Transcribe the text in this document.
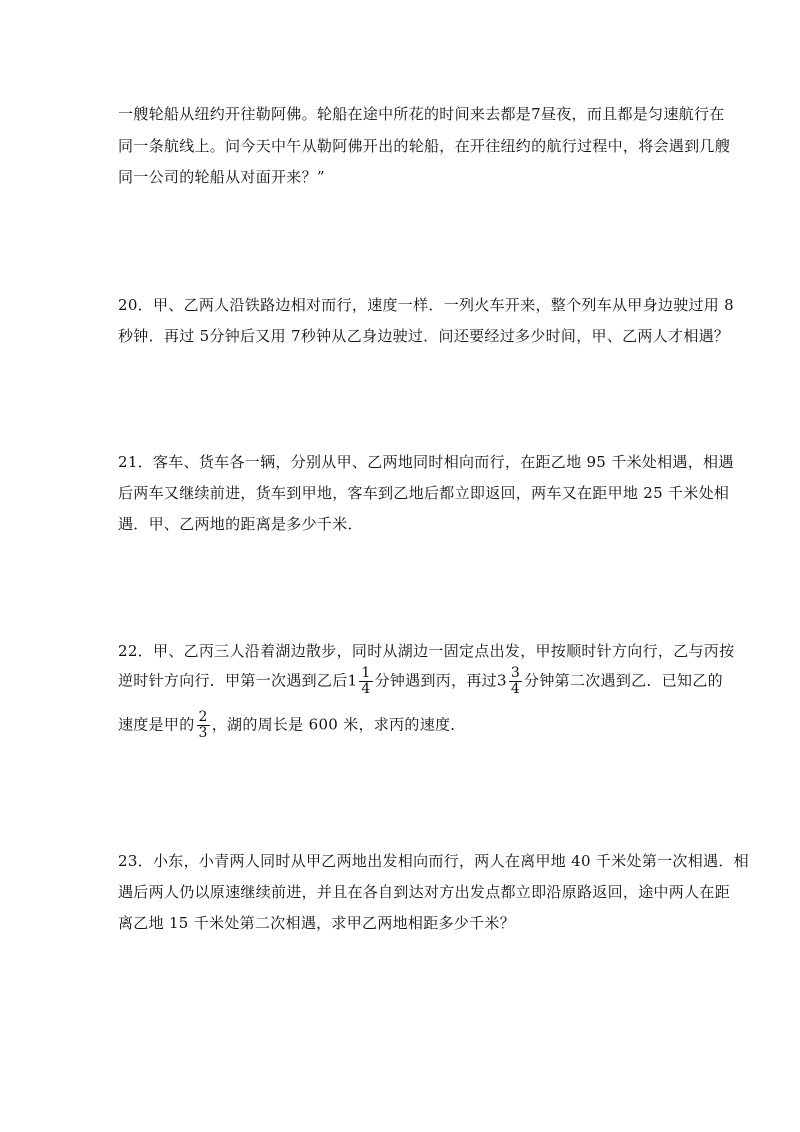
一艘轮船从纽约开往勒阿佛。轮船在途中所花的时间来去都是7昼夜，而且都是匀速航行在
同一条航线上。问今天中午从勒阿佛开出的轮船，在开往纽约的航行过程中，将会遇到几艘
同一公司的轮船从对面开来？”
20．甲、乙两人沿铁路边相对而行，速度一样．一列火车开来，整个列车从甲身边驶过用 8
秒钟．再过 5分钟后又用 7秒钟从乙身边驶过．问还要经过多少时间，甲、乙两人才相遇？
21．客车、货车各一辆，分别从甲、乙两地同时相向而行，在距乙地 95 千米处相遇，相遇
后两车又继续前进，货车到甲地，客车到乙地后都立即返回，两车又在距甲地 25 千米处相
遇．甲、乙两地的距离是多少千米．
22．甲、乙丙三人沿着湖边散步，同时从湖边一固定点出发，甲按顺时针方向行，乙与丙按
逆时针方向行．甲第一次遇到乙后$1 \frac{1}{4}$ 分钟遇到丙，再过$3 \frac{3}{4}$ 分钟第二次遇到乙．已知乙的
速度是甲的 $\frac{2}{3}$ ，湖的周长是 600 米，求丙的速度．
23．小东，小青两人同时从甲乙两地出发相向而行，两人在离甲地 40 千米处第一次相遇．相
遇后两人仍以原速继续前进，并且在各自到达对方出发点都立即沿原路返回，途中两人在距
离乙地 15 千米处第二次相遇，求甲乙两地相距多少千米？
